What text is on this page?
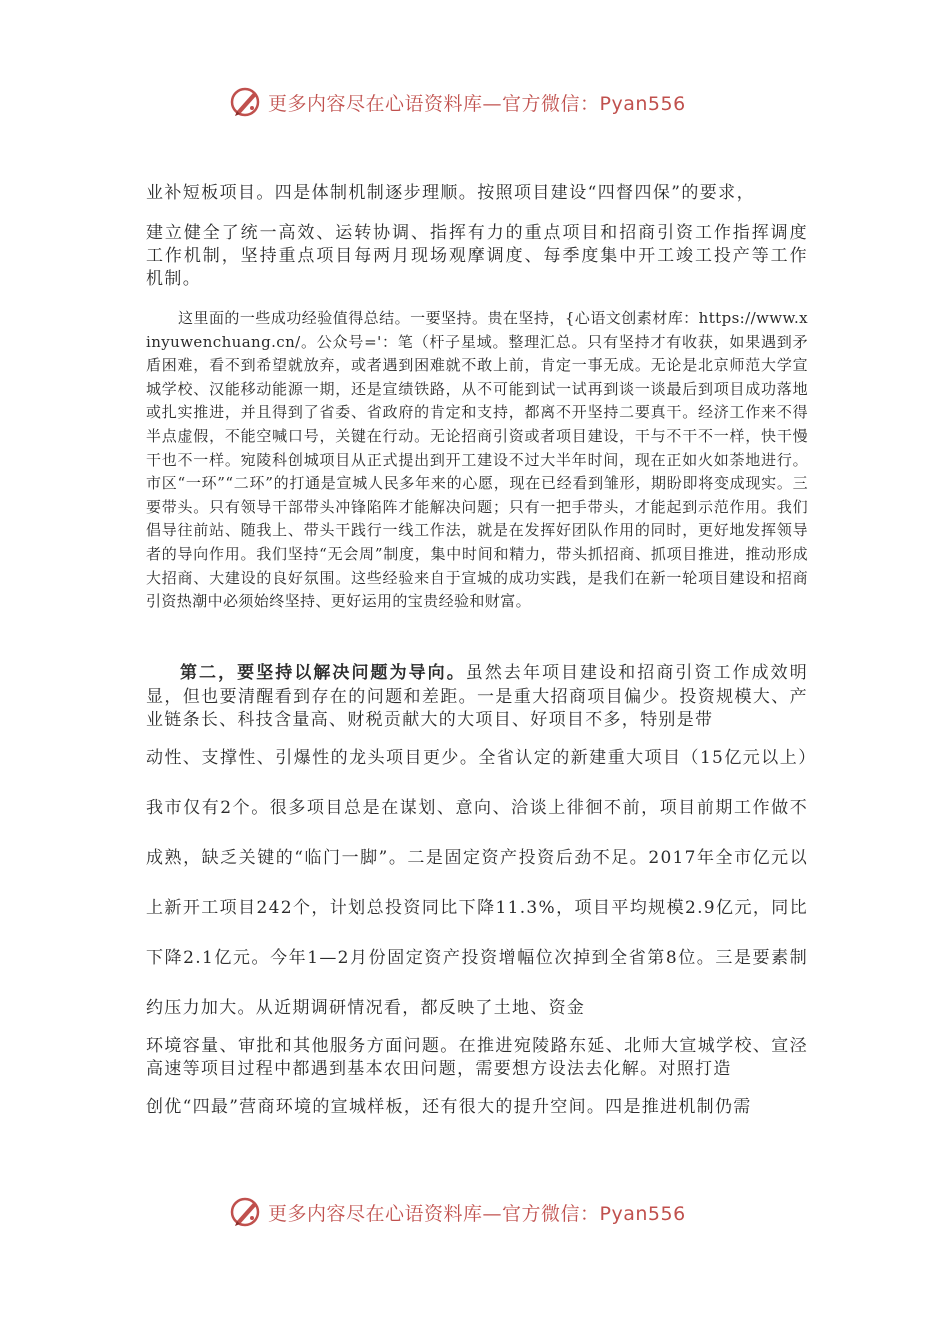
更多内容尽在心语资料库—官方微信：Pyan556
业补短板项目。四是体制机制逐步理顺。按照项目建设“四督四保”的要求，
建立健全了统一高效、运转协调、指挥有力的重点项目和招商引资工作指挥调度工作机制，坚持重点项目每两月现场观摩调度、每季度集中开工竣工投产等工作机制。
这里面的一些成功经验值得总结。一要坚持。贵在坚持，{心语文创素材库：https://www.xinyuwenchuang.cn/。公众号='：笔（杆子星域。整理汇总。只有坚持才有收获，如果遇到矛盾困难，看不到希望就放弃，或者遇到困难就不敢上前，肯定一事无成。无论是北京师范大学宣城学校、汉能移动能源一期，还是宣绩铁路，从不可能到试一试再到谈一谈最后到项目成功落地或扎实推进，并且得到了省委、省政府的肯定和支持，都离不开坚持二要真干。经济工作来不得半点虚假，不能空喊口号，关键在行动。无论招商引资或者项目建设，干与不干不一样，快干慢干也不一样。宛陵科创城项目从正式提出到开工建设不过大半年时间，现在正如火如荼地进行。市区“一环”“二环”的打通是宣城人民多年来的心愿，现在已经看到雏形，期盼即将变成现实。三要带头。只有领导干部带头冲锋陷阵才能解决问题；只有一把手带头，才能起到示范作用。我们倡导往前站、随我上、带头干践行一线工作法，就是在发挥好团队作用的同时，更好地发挥领导者的导向作用。我们坚持“无会周”制度，集中时间和精力，带头抓招商、抓项目推进，推动形成大招商、大建设的良好氛围。这些经验来自于宣城的成功实践，是我们在新一轮项目建设和招商引资热潮中必须始终坚持、更好运用的宝贵经验和财富。
第二，要坚持以解决问题为导向。虽然去年项目建设和招商引资工作成效明显，但也要清醒看到存在的问题和差距。一是重大招商项目偏少。投资规模大、产业链条长、科技含量高、财税贡献大的大项目、好项目不多，特别是带
动性、支撑性、引爆性的龙头项目更少。全省认定的新建重大项目（15亿元以上）我市仅有2个。很多项目总是在谋划、意向、洽谈上徘徊不前，项目前期工作做不成熟，缺乏关键的“临门一脚”。二是固定资产投资后劲不足。2017年全市亿元以上新开工项目242个，计划总投资同比下降11.3%，项目平均规模2.9亿元，同比下降2.1亿元。今年1—2月份固定资产投资增幅位次掉到全省第8位。三是要素制约压力加大。从近期调研情况看，都反映了土地、资金
环境容量、审批和其他服务方面问题。在推进宛陵路东延、北师大宣城学校、宣泾高速等项目过程中都遇到基本农田问题，需要想方设法去化解。对照打造
创优“四最”营商环境的宣城样板，还有很大的提升空间。四是推进机制仍需
更多内容尽在心语资料库—官方微信：Pyan556
